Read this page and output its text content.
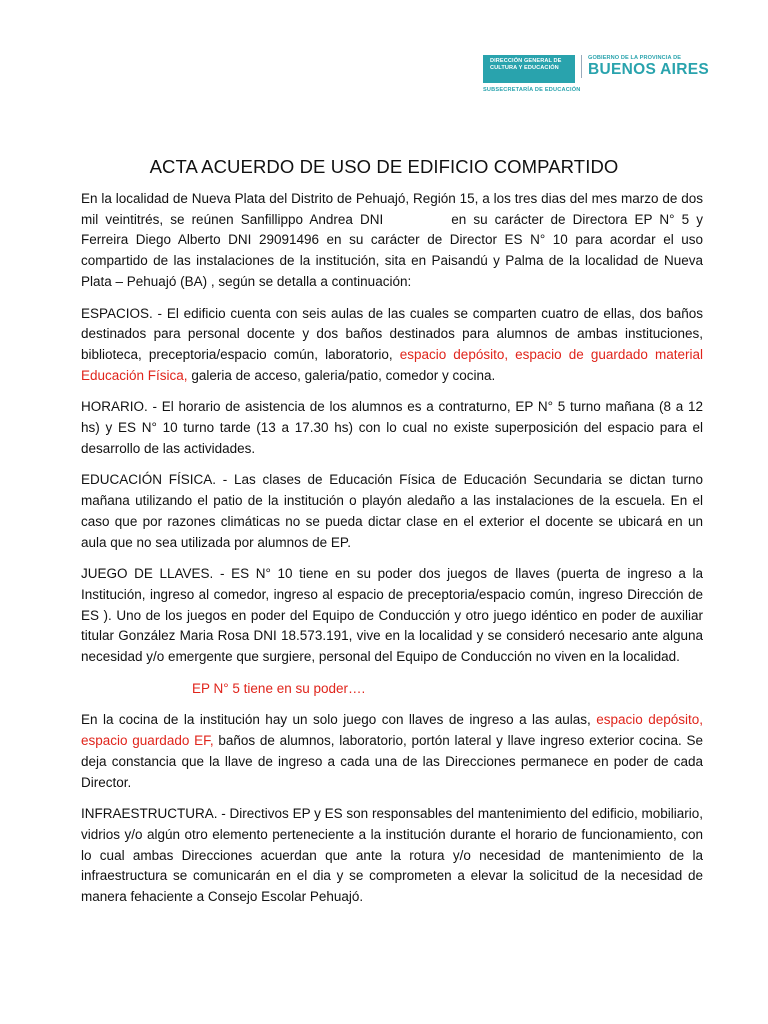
DIRECCIÓN GENERAL DE
CULTURA Y EDUCACIÓN
GOBIERNO DE LA PROVINCIA DE
BUENOS AIRES
SUBSECRETARÍA DE EDUCACIÓN
ACTA ACUERDO DE USO DE EDIFICIO COMPARTIDO

En la localidad de Nueva Plata del Distrito de Pehuajó, Región 15, a los tres dias del mes marzo de dos mil veintitrés, se reúnen Sanfillippo Andrea DNI	en su carácter de Directora EP N° 5 y Ferreira Diego Alberto DNI 29091496 en su carácter de Director ES N° 10 para acordar el uso compartido de las instalaciones de la institución, sita en Paisandú y Palma de la localidad de Nueva Plata – Pehuajó (BA) , según se detalla a continuación:

ESPACIOS. - El edificio cuenta con seis aulas de las cuales se comparten cuatro de ellas, dos baños destinados para personal docente y dos baños destinados para alumnos de ambas instituciones, biblioteca, preceptoria/espacio común, laboratorio, espacio depósito, espacio de guardado material Educación Física, galeria de acceso, galeria/patio, comedor y cocina.

HORARIO. - El horario de asistencia de los alumnos es a contraturno, EP N° 5 turno mañana (8 a 12 hs) y ES N° 10 turno tarde (13 a 17.30 hs) con lo cual no existe superposición del espacio para el desarrollo de las actividades.

EDUCACIÓN FÍSICA. - Las clases de Educación Física de Educación Secundaria se dictan turno mañana utilizando el patio de la institución o playón aledaño a las instalaciones de la escuela. En el caso que por razones climáticas no se pueda dictar clase en el exterior el docente se ubicará en un aula que no sea utilizada por alumnos de EP.

JUEGO DE LLAVES. - ES N° 10 tiene en su poder dos juegos de llaves (puerta de ingreso a la Institución, ingreso al comedor, ingreso al espacio de preceptoria/espacio común, ingreso Dirección de ES ). Uno de los juegos en poder del Equipo de Conducción y otro juego idéntico en poder de auxiliar titular González Maria Rosa DNI 18.573.191, vive en la localidad y se consideró necesario ante alguna necesidad y/o emergente que surgiere, personal del Equipo de Conducción no viven en la localidad.

EP N° 5 tiene en su poder….

En la cocina de la institución hay un solo juego con llaves de ingreso a las aulas, espacio depósito, espacio guardado EF, baños de alumnos, laboratorio, portón lateral y llave ingreso exterior cocina. Se deja constancia que la llave de ingreso a cada una de las Direcciones permanece en poder de cada Director.

INFRAESTRUCTURA. - Directivos EP y ES son responsables del mantenimiento del edificio, mobiliario, vidrios y/o algún otro elemento perteneciente a la institución durante el horario de funcionamiento, con lo cual ambas Direcciones acuerdan que ante la rotura y/o necesidad de mantenimiento de la infraestructura se comunicarán en el dia y se comprometen a elevar la solicitud de la necesidad de manera fehaciente a Consejo Escolar Pehuajó.
